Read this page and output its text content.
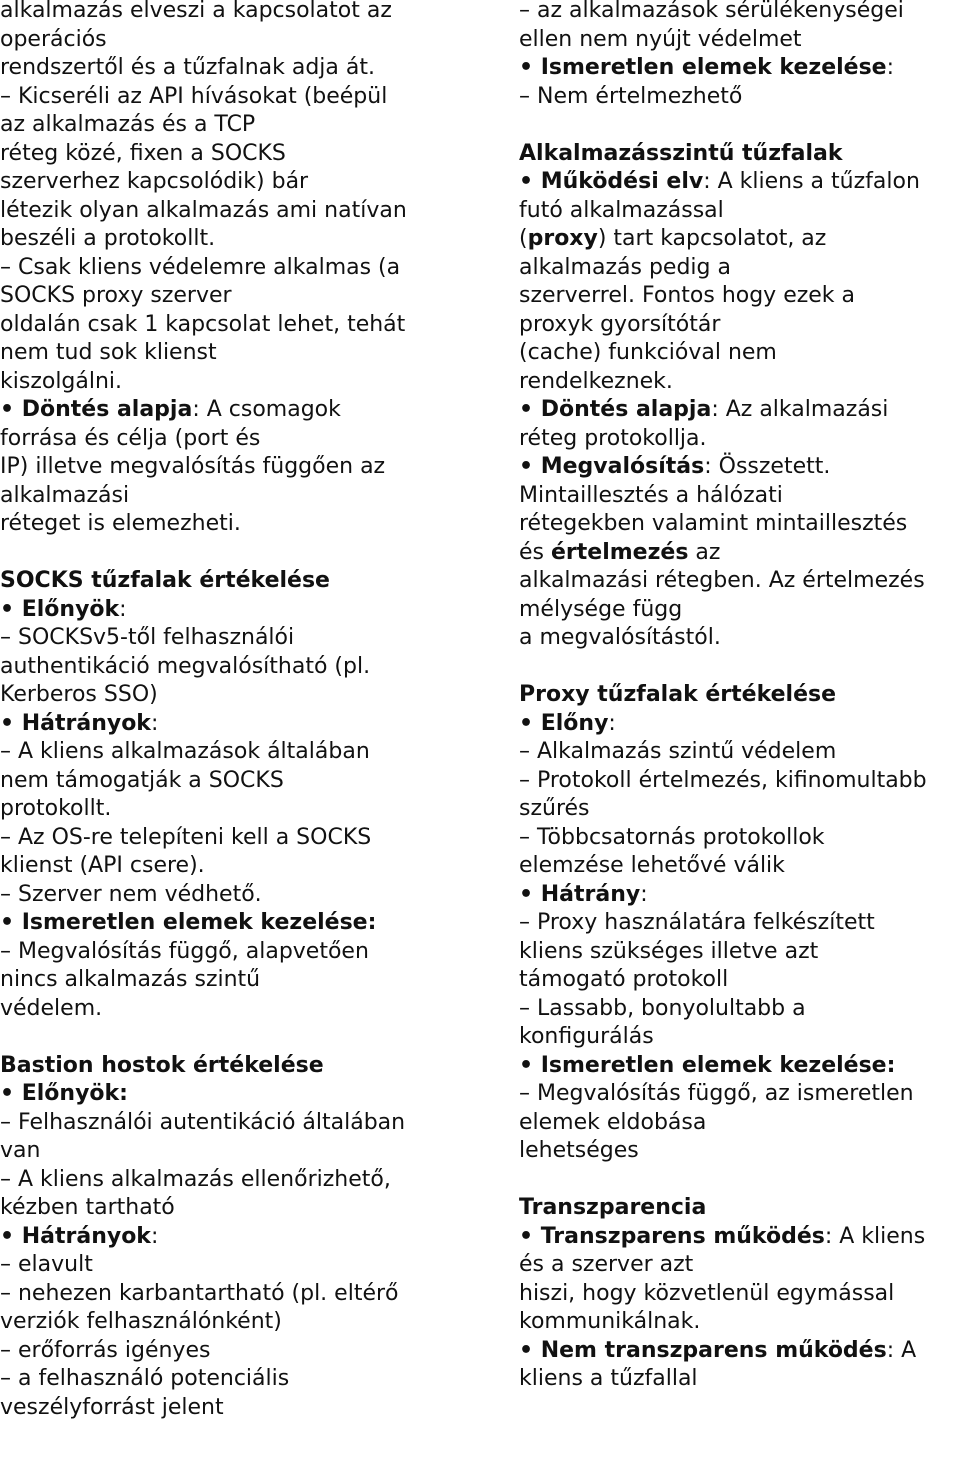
alkalmazás elveszi a kapcsolatot az
operációs
rendszertől és a tűzfalnak adja át.
– Kicseréli az API hívásokat (beépül
az alkalmazás és a TCP
réteg közé, fixen a SOCKS
szerverhez kapcsolódik) bár
létezik olyan alkalmazás ami natívan
beszéli a protokollt.
– Csak kliens védelemre alkalmas (a
SOCKS proxy szerver
oldalán csak 1 kapcsolat lehet, tehát
nem tud sok klienst
kiszolgálni.
• Döntés alapja: A csomagok
forrása és célja (port és
IP) illetve megvalósítás függően az
alkalmazási
réteget is elemezheti.
SOCKS tűzfalak értékelése
• Előnyök:
– SOCKSv5-től felhasználói
authentikáció megvalósítható (pl.
Kerberos SSO)
• Hátrányok:
– A kliens alkalmazások általában
nem támogatják a SOCKS
protokollt.
– Az OS-re telepíteni kell a SOCKS
klienst (API csere).
– Szerver nem védhető.
• Ismeretlen elemek kezelése:
– Megvalósítás függő, alapvetően
nincs alkalmazás szintű
védelem.
Bastion hostok értékelése
• Előnyök:
– Felhasználói autentikáció általában
van
– A kliens alkalmazás ellenőrizhető,
kézben tartható
• Hátrányok:
– elavult
– nehezen karbantartható (pl. eltérő
verziók felhasználónként)
– erőforrás igényes
– a felhasználó potenciális
veszélyforrást jelent
– az alkalmazások sérülékenységei
ellen nem nyújt védelmet
• Ismeretlen elemek kezelése:
– Nem értelmezhető
Alkalmazásszintű tűzfalak
• Működési elv: A kliens a tűzfalon
futó alkalmazással
(proxy) tart kapcsolatot, az
alkalmazás pedig a
szerverrel. Fontos hogy ezek a
proxyk gyorsítótár
(cache) funkcióval nem
rendelkeznek.
• Döntés alapja: Az alkalmazási
réteg protokollja.
• Megvalósítás: Összetett.
Mintaillesztés a hálózati
rétegekben valamint mintaillesztés
és értelmezés az
alkalmazási rétegben. Az értelmezés
mélysége függ
a megvalósítástól.
Proxy tűzfalak értékelése
• Előny:
– Alkalmazás szintű védelem
– Protokoll értelmezés, kifinomultabb
szűrés
– Többcsatornás protokollok
elemzése lehetővé válik
• Hátrány:
– Proxy használatára felkészített
kliens szükséges illetve azt
támogató protokoll
– Lassabb, bonyolultabb a
konfigurálás
• Ismeretlen elemek kezelése:
– Megvalósítás függő, az ismeretlen
elemek eldobása
lehetséges
Transzparencia
• Transzparens működés: A kliens
és a szerver azt
hiszi, hogy közvetlenül egymással
kommunikálnak.
• Nem transzparens működés: A
kliens a tűzfallal
